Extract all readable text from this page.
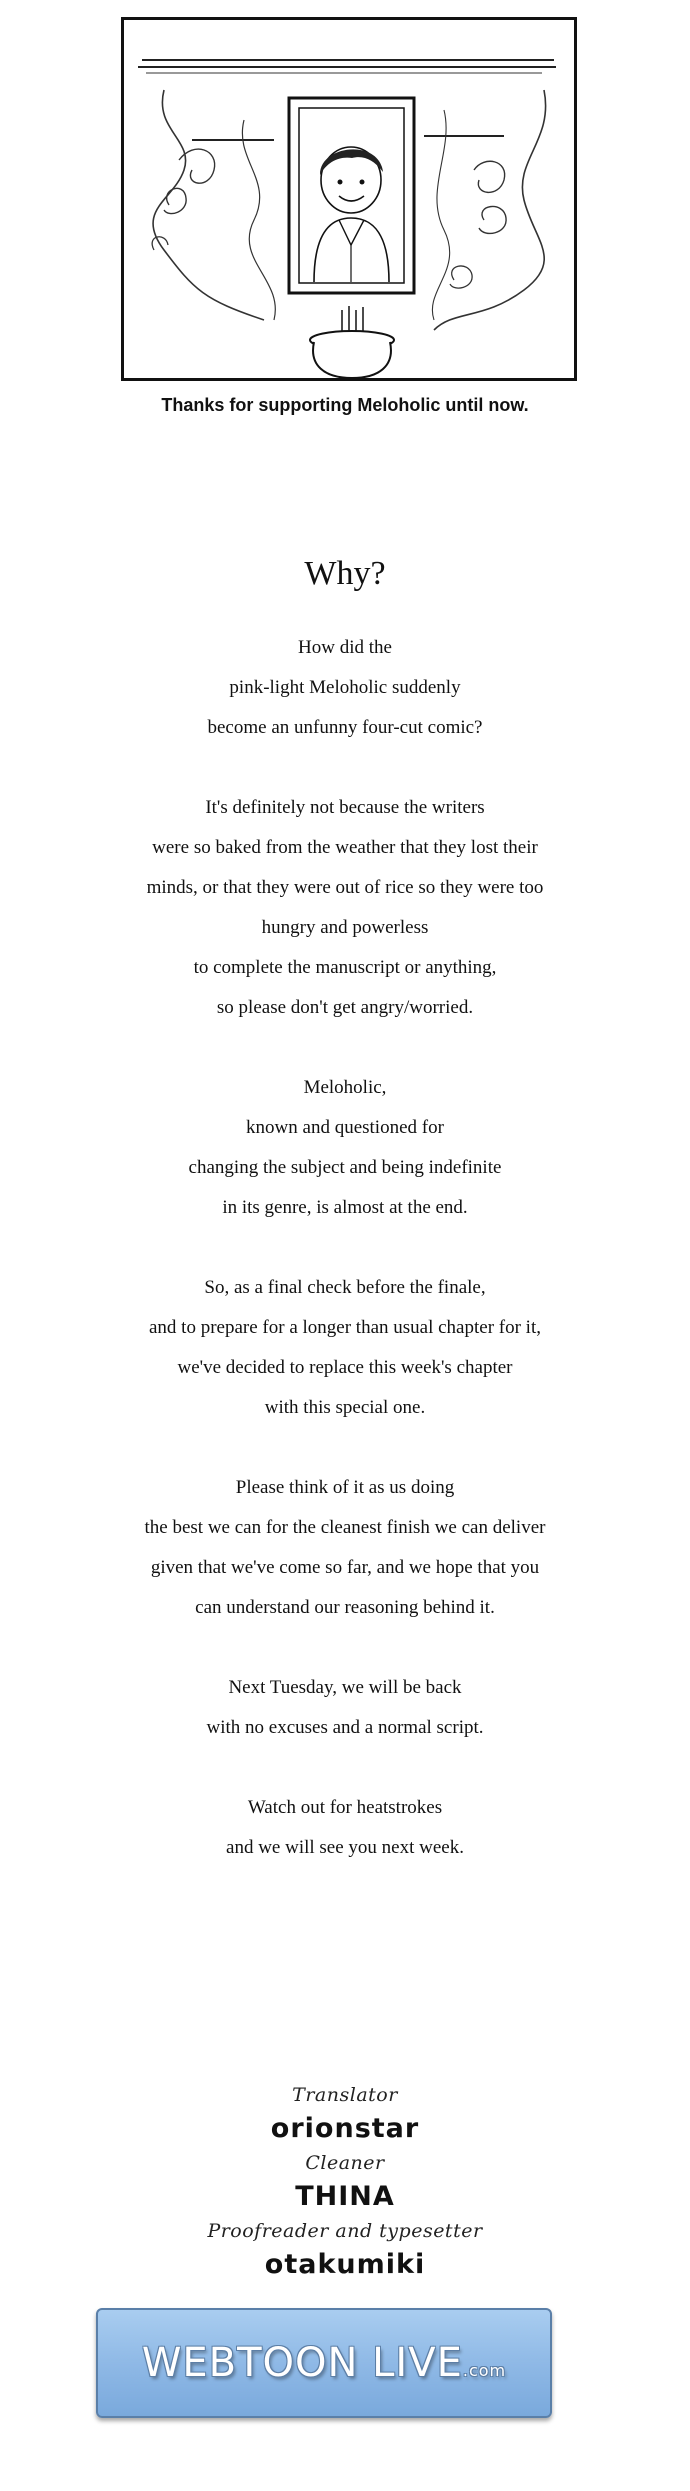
Thanks for supporting Meloholic until now.
Why?
How did the
pink-light Meloholic suddenly
become an unfunny four-cut comic?
It's definitely not because the writers
were so baked from the weather that they lost their
minds, or that they were out of rice so they were too
hungry and powerless
to complete the manuscript or anything,
so please don't get angry/worried.
Meloholic,
known and questioned for
changing the subject and being indefinite
in its genre, is almost at the end.
So, as a final check before the finale,
and to prepare for a longer than usual chapter for it,
we've decided to replace this week's chapter
with this special one.
Please think of it as us doing
the best we can for the cleanest finish we can deliver
given that we've come so far, and we hope that you
can understand our reasoning behind it.
Next Tuesday, we will be back
with no excuses and a normal script.
Watch out for heatstrokes
and we will see you next week.
Translator
orionstar
Cleaner
THINA
Proofreader and typesetter
otakumiki
WEBTOON LIVE.com
